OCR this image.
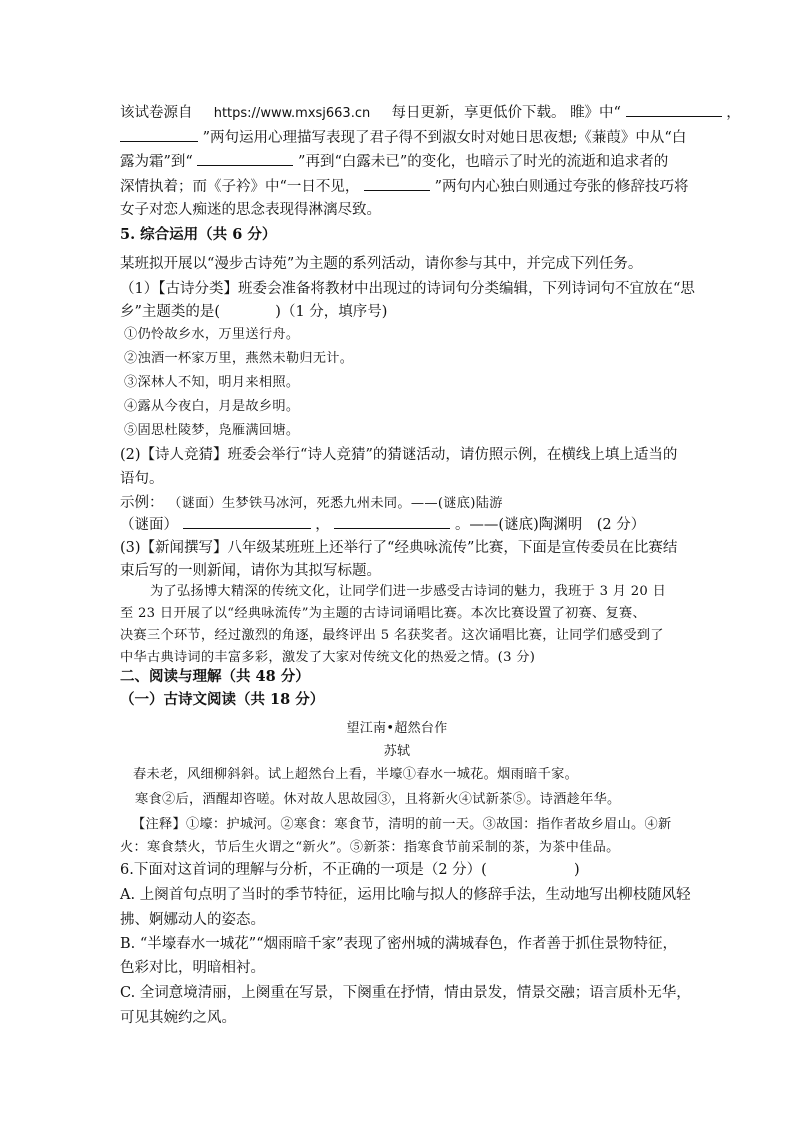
该试卷源自 https://www.mxsj663.cn 每日更新，享更低价下载。 睢》中“	，
”两句运用心理描写表现了君子得不到淑女时对她日思夜想;《蒹葭》中从“白
露为霜”到“	”再到“白露未已”的变化，也暗示了时光的流逝和追求者的
深情执着；而《子衿》中“一日不见，	”两句内心独白则通过夸张的修辞技巧将
女子对恋人痴迷的思念表现得淋漓尽致。
5. 综合运用（共 6 分）
某班拟开展以“漫步古诗苑”为主题的系列活动，请你参与其中，并完成下列任务。
（1）【古诗分类】班委会准备将教材中出现过的诗词句分类编辑，下列诗词句不宜放在“思
乡”主题类的是(	)（1 分，填序号)
①仍怜故乡水，万里送行舟。
②浊酒一杯家万里，燕然未勒归无计。
③深林人不知，明月来相照。
④露从今夜白，月是故乡明。
⑤固思杜陵梦，凫雁满回塘。
(2)【诗人竞猜】班委会举行“诗人竞猜”的猜谜活动，请仿照示例，在横线上填上适当的
语句。
示例： （谜面）生梦铁马冰河，死悉九州未同。——(谜底)陆游
（谜面）	，	。——(谜底)陶渊明　(2 分）
(3)【新闻撰写】八年级某班班上还举行了“经典咏流传”比赛，下面是宣传委员在比赛结
束后写的一则新闻，请你为其拟写标题。
为了弘扬博大精深的传统文化，让同学们进一步感受古诗词的魅力，我班于 3 月 20 日
至 23 日开展了以“经典咏流传”为主题的古诗词诵唱比赛。本次比赛设置了初赛、复赛、
决赛三个环节，经过激烈的角逐，最终评出 5 名获奖者。这次诵唱比赛，让同学们感受到了
中华古典诗词的丰富多彩，激发了大家对传统文化的热爱之情。(3 分)
二、阅读与理解（共 48 分）
（一）古诗文阅读（共 18 分）
望江南•超然台作
苏轼
春未老，风细柳斜斜。试上超然台上看，半壕①春水一城花。烟雨暗千家。
寒食②后，酒醒却咨嗟。休对故人思故园③，且将新火④试新茶⑤。诗酒趁年华。
【注释】①壕：护城河。②寒食：寒食节，清明的前一天。③故国：指作者故乡眉山。④新
火：寒食禁火，节后生火谓之“新火”。⑤新茶：指寒食节前采制的茶，为茶中佳品。
6.下面对这首词的理解与分析，不正确的一项是（2 分）(	)
A. 上阕首句点明了当时的季节特征，运用比喻与拟人的修辞手法，生动地写出柳枝随风轻
拂、婀娜动人的姿态。
B. “半壕春水一城花”“烟雨暗千家”表现了密州城的满城春色，作者善于抓住景物特征，
色彩对比，明暗相衬。
C. 全词意境清丽，上阕重在写景，下阕重在抒情，情由景发，情景交融；语言质朴无华，
可见其婉约之风。
